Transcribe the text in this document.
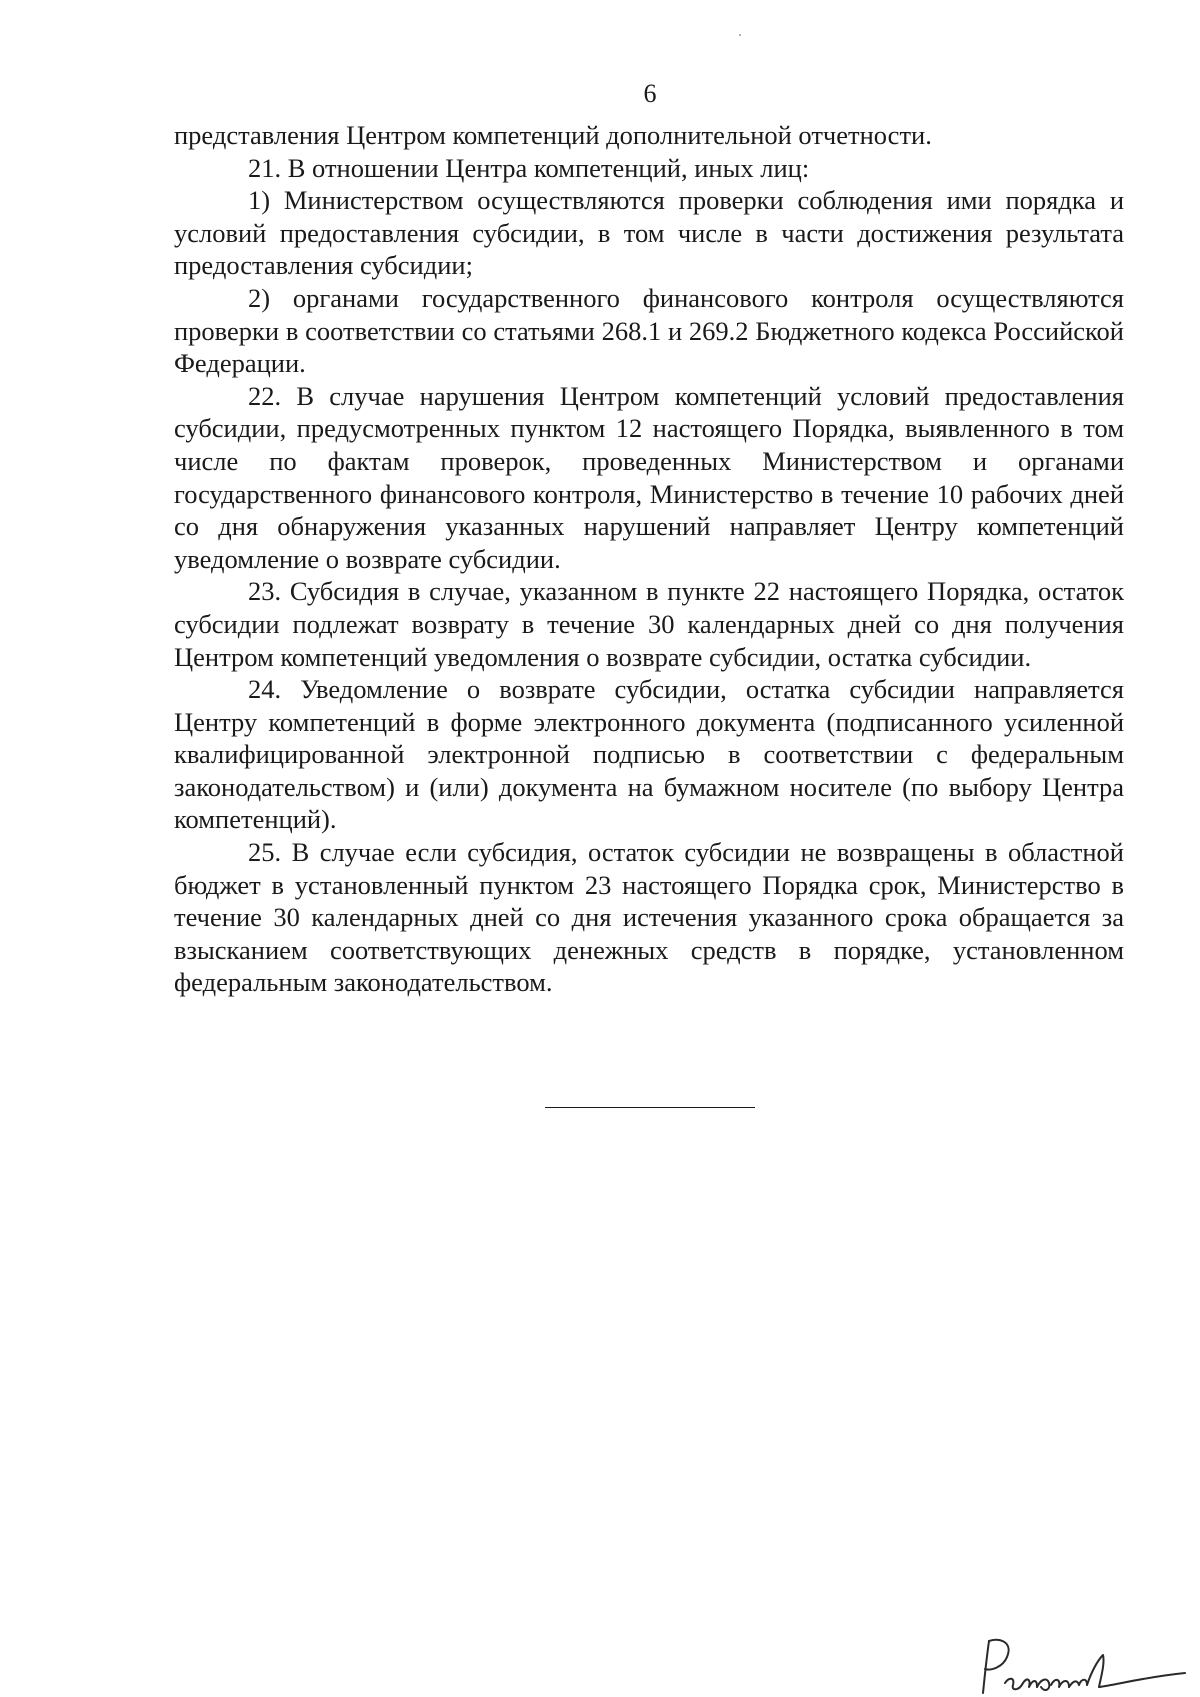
6

представления Центром компетенций дополнительной отчетности.

21. В отношении Центра компетенций, иных лиц:

1) Министерством осуществляются проверки соблюдения ими порядка и условий предоставления субсидии, в том числе в части достижения результата предоставления субсидии;

2) органами государственного финансового контроля осуществляются проверки в соответствии со статьями 268.1 и 269.2 Бюджетного кодекса Российской Федерации.

22. В случае нарушения Центром компетенций условий предоставления субсидии, предусмотренных пунктом 12 настоящего Порядка, выявленного в том числе по фактам проверок, проведенных Министерством и органами государственного финансового контроля, Министерство в течение 10 рабочих дней со дня обнаружения указанных нарушений направляет Центру компетенций уведомление о возврате субсидии.

23. Субсидия в случае, указанном в пункте 22 настоящего Порядка, остаток субсидии подлежат возврату в течение 30 календарных дней со дня получения Центром компетенций уведомления о возврате субсидии, остатка субсидии.

24. Уведомление о возврате субсидии, остатка субсидии направляется Центру компетенций в форме электронного документа (подписанного усиленной квалифицированной электронной подписью в соответствии с федеральным законодательством) и (или) документа на бумажном носителе (по выбору Центра компетенций).

25. В случае если субсидия, остаток субсидии не возвращены в областной бюджет в установленный пунктом 23 настоящего Порядка срок, Министерство в течение 30 календарных дней со дня истечения указанного срока обращается за взысканием соответствующих денежных средств в порядке, установленном федеральным законодательством.
